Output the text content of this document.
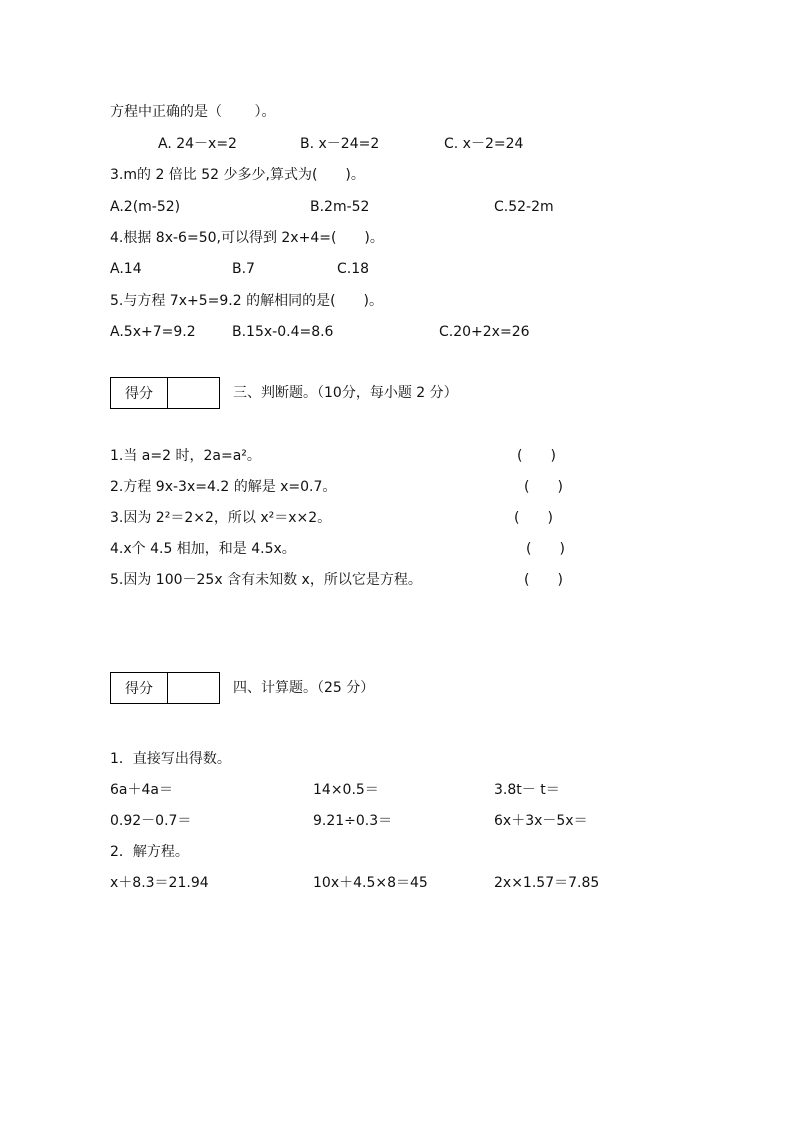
方程中正确的是（　　 ）。
A. 24－x=2	B. x－24=2	C. x－2=24
3.m的 2 倍比 52 少多少,算式为(　　)。
A.2(m-52)	B.2m-52	C.52-2m
4.根据 8x-6=50,可以得到 2x+4=(　　)。
A.14	B.7	C.18
5.与方程 7x+5=9.2 的解相同的是(　　)。
A.5x+7=9.2	B.15x-0.4=8.6	C.20+2x=26
得分	三、判断题。（10分，每小题 2 分）
1.当 a=2 时，2a=a²。	(　　)
2.方程 9x-3x=4.2 的解是 x=0.7。	(　　)
3.因为 2²＝2×2，所以 x²＝x×2。	(　　)
4.x个 4.5 相加，和是 4.5x。	(　　)
5.因为 100－25x 含有未知数 x，所以它是方程。	(　　)
得分	四、计算题。（25 分）
1．直接写出得数。
6a＋4a＝	14×0.5＝	3.8t－ t＝
0.92－0.7＝	9.21÷0.3＝	6x＋3x－5x＝
2．解方程。
x＋8.3＝21.94	10x＋4.5×8＝45	2x×1.57＝7.85
